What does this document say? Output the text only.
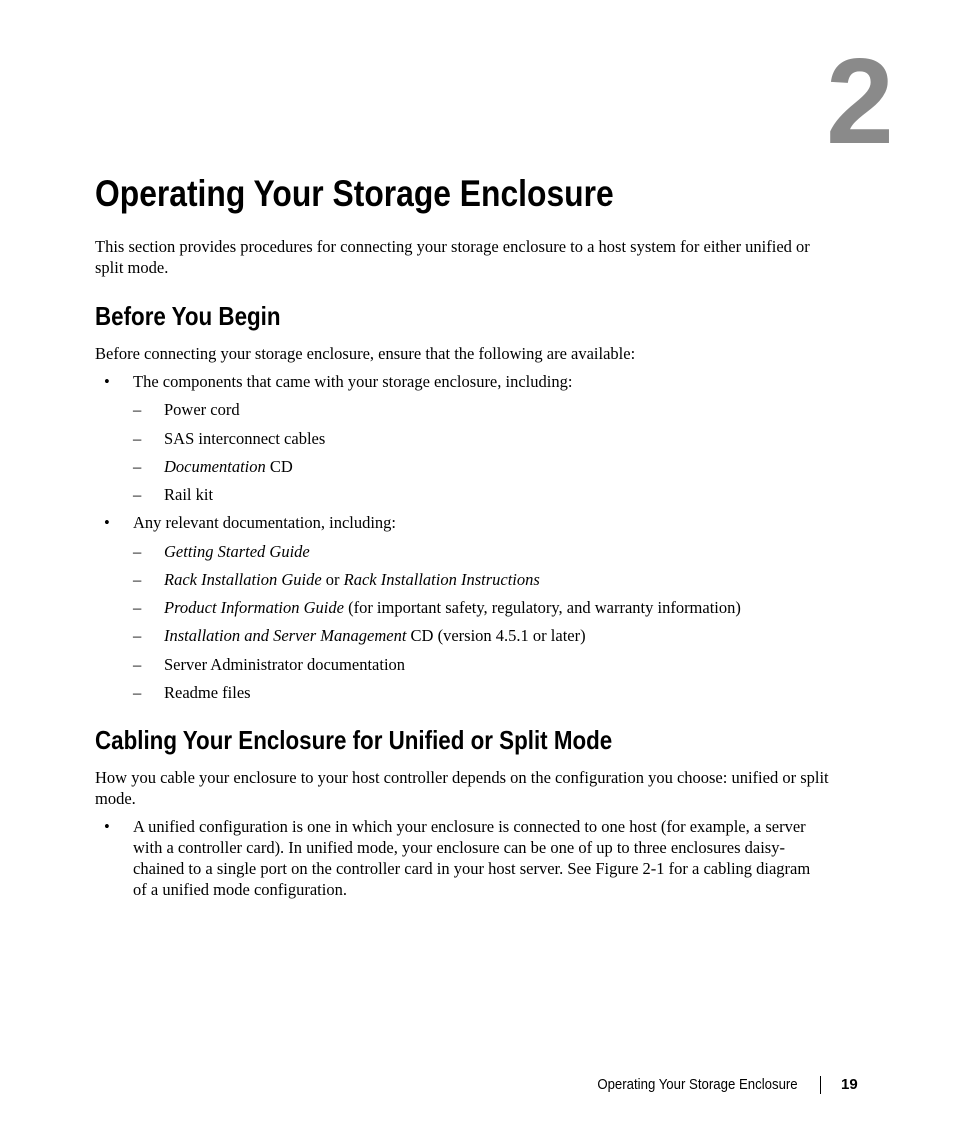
2
Operating Your Storage Enclosure

This section provides procedures for connecting your storage enclosure to a host system for either unified or split mode.

Before You Begin

Before connecting your storage enclosure, ensure that the following are available:

• The components that came with your storage enclosure, including:
– Power cord
– SAS interconnect cables
– Documentation CD
– Rail kit
• Any relevant documentation, including:
– Getting Started Guide
– Rack Installation Guide or Rack Installation Instructions
– Product Information Guide (for important safety, regulatory, and warranty information)
– Installation and Server Management CD (version 4.5.1 or later)
– Server Administrator documentation
– Readme files
Cabling Your Enclosure for Unified or Split Mode

How you cable your enclosure to your host controller depends on the configuration you choose: unified or split mode.

• A unified configuration is one in which your enclosure is connected to one host (for example, a server with a controller card). In unified mode, your enclosure can be one of up to three enclosures daisy-chained to a single port on the controller card in your host server. See Figure 2-1 for a cabling diagram of a unified mode configuration.
Operating Your Storage Enclosure	19
